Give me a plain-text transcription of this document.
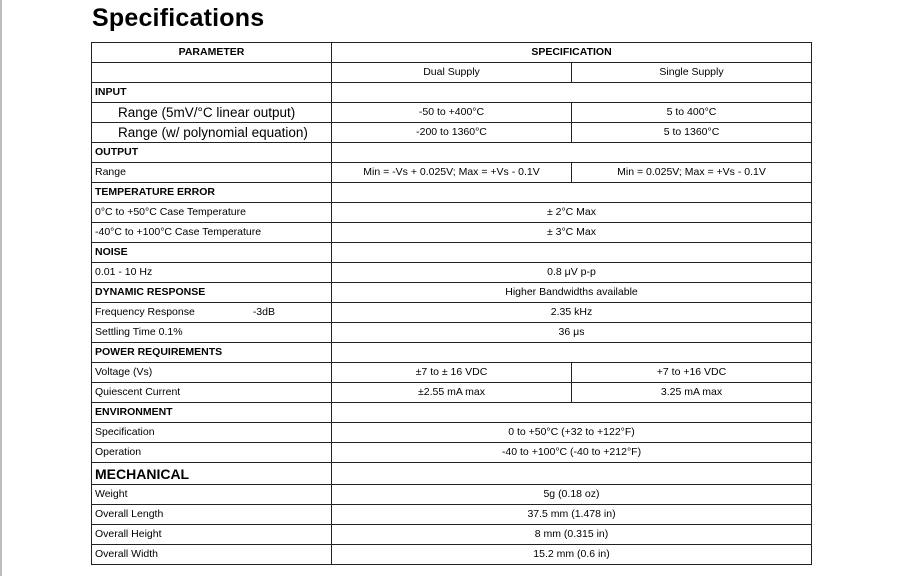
Specifications
PARAMETER	SPECIFICATION	
	Dual Supply	Single Supply
INPUT		
Range (5mV/°C linear output)	-50 to +400°C	5 to 400°C
Range (w/ polynomial equation)	-200 to 1360°C	5 to 1360°C
OUTPUT		
Range	Min = -Vs + 0.025V; Max = +Vs - 0.1V	Min = 0.025V; Max = +Vs - 0.1V
TEMPERATURE ERROR		
0°C to +50°C Case Temperature	± 2°C Max	
-40°C to +100°C Case Temperature	± 3°C Max	
NOISE		
0.01 - 10 Hz	0.8 μV p-p	
DYNAMIC RESPONSE	Higher Bandwidths available	
Frequency Response -3dB	2.35 kHz	
Settling Time 0.1%	36 μs	
POWER REQUIREMENTS		
Voltage (Vs)	±7 to ± 16 VDC	+7 to +16 VDC
Quiescent Current	±2.55 mA max	3.25 mA max
ENVIRONMENT		
Specification	0 to +50°C (+32 to +122°F)	
Operation	-40 to +100°C (-40 to +212°F)	
MECHANICAL		
Weight	5g (0.18 oz)	
Overall Length	37.5 mm (1.478 in)	
Overall Height	8 mm (0.315 in)	
Overall Width	15.2 mm (0.6 in)	
